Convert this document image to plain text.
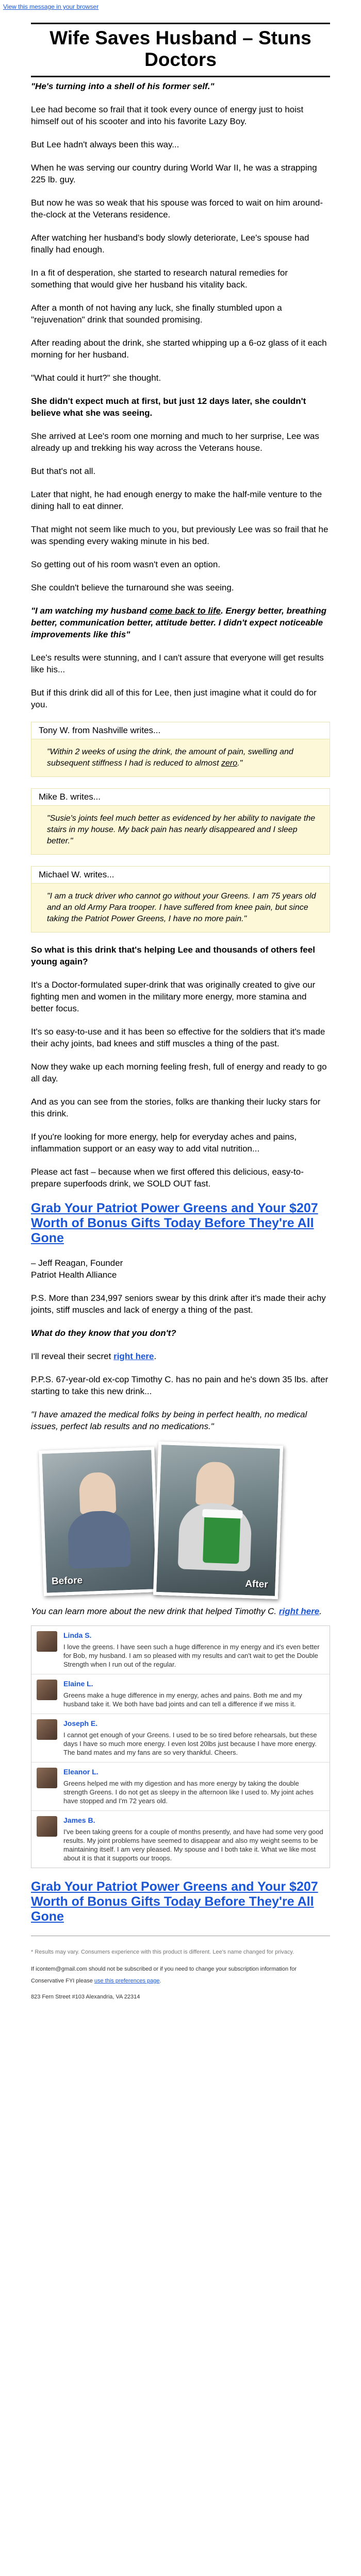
View this message in your browser
Wife Saves Husband – Stuns Doctors

"He's turning into a shell of his former self."

Lee had become so frail that it took every ounce of energy just to hoist himself out of his scooter and into his favorite Lazy Boy.

But Lee hadn't always been this way...

When he was serving our country during World War II, he was a strapping 225 lb. guy.

But now he was so weak that his spouse was forced to wait on him around-the-clock at the Veterans residence.

After watching her husband's body slowly deteriorate, Lee's spouse had finally had enough.

In a fit of desperation, she started to research natural remedies for something that would give her husband his vitality back.

After a month of not having any luck, she finally stumbled upon a "rejuvenation" drink that sounded promising.

After reading about the drink, she started whipping up a 6-oz glass of it each morning for her husband.

"What could it hurt?" she thought.

She didn't expect much at first, but just 12 days later, she couldn't believe what she was seeing.

She arrived at Lee's room one morning and much to her surprise, Lee was already up and trekking his way across the Veterans house.

But that's not all.

Later that night, he had enough energy to make the half-mile venture to the dining hall to eat dinner.

That might not seem like much to you, but previously Lee was so frail that he was spending every waking minute in his bed.

So getting out of his room wasn't even an option.

She couldn't believe the turnaround she was seeing.

"I am watching my husband come back to life. Energy better, breathing better, communication better, attitude better. I didn't expect noticeable improvements like this"

Lee's results were stunning, and I can't assure that everyone will get results like his...

But if this drink did all of this for Lee, then just imagine what it could do for you.

Tony W. from Nashville writes...
"Within 2 weeks of using the drink, the amount of pain, swelling and subsequent stiffness I had is reduced to almost zero."
Mike B. writes...
"Susie's joints feel much better as evidenced by her ability to navigate the stairs in my house. My back pain has nearly disappeared and I sleep better."
Michael W. writes...
"I am a truck driver who cannot go without your Greens. I am 75 years old and an old Army Para trooper. I have suffered from knee pain, but since taking the Patriot Power Greens, I have no more pain."

So what is this drink that's helping Lee and thousands of others feel young again?

It's a Doctor-formulated super-drink that was originally created to give our fighting men and women in the military more energy, more stamina and better focus.

It's so easy-to-use and it has been so effective for the soldiers that it's made their achy joints, bad knees and stiff muscles a thing of the past.

Now they wake up each morning feeling fresh, full of energy and ready to go all day.

And as you can see from the stories, folks are thanking their lucky stars for this drink.

If you're looking for more energy, help for everyday aches and pains, inflammation support or an easy way to add vital nutrition...

Please act fast – because when we first offered this delicious, easy-to-prepare superfoods drink, we SOLD OUT fast.

Grab Your Patriot Power Greens and Your $207 Worth of Bonus Gifts Today Before They're All Gone

– Jeff Reagan, Founder
Patriot Health Alliance

P.S. More than 234,997 seniors swear by this drink after it's made their achy joints, stiff muscles and lack of energy a thing of the past.

What do they know that you don't?

I'll reveal their secret right here.

P.P.S. 67-year-old ex-cop Timothy C. has no pain and he's down 35 lbs. after starting to take this new drink...

"I have amazed the medical folks by being in perfect health, no medical issues, perfect lab results and no medications."

Before	After

You can learn more about the new drink that helped Timothy C. right here.

Linda S.
I love the greens. I have seen such a huge difference in my energy and it's even better for Bob, my husband. I am so pleased with my results and can't wait to get the Double Strength when I run out of the regular.
Elaine L.
Greens make a huge difference in my energy, aches and pains. Both me and my husband take it. We both have bad joints and can tell a difference if we miss it.
Joseph E.
I cannot get enough of your Greens. I used to be so tired before rehearsals, but these days I have so much more energy. I even lost 20lbs just because I have more energy. The band mates and my fans are so very thankful. Cheers.
Eleanor L.
Greens helped me with my digestion and has more energy by taking the double strength Greens. I do not get as sleepy in the afternoon like I used to. My joint aches have stopped and I'm 72 years old.
James B.
I've been taking greens for a couple of months presently, and have had some very good results. My joint problems have seemed to disappear and also my weight seems to be maintaining itself. I am very pleased. My spouse and I both take it. What we like most about it is that it supports our troops.
Grab Your Patriot Power Greens and Your $207 Worth of Bonus Gifts Today Before They're All Gone

* Results may vary. Consumers experience with this product is different. Lee's name changed for privacy.

If icontem@gmail.com should not be subscribed or if you need to change your subscription information for Conservative FYI please use this preferences page.

823 Fern Street #103 Alexandria, VA 22314
